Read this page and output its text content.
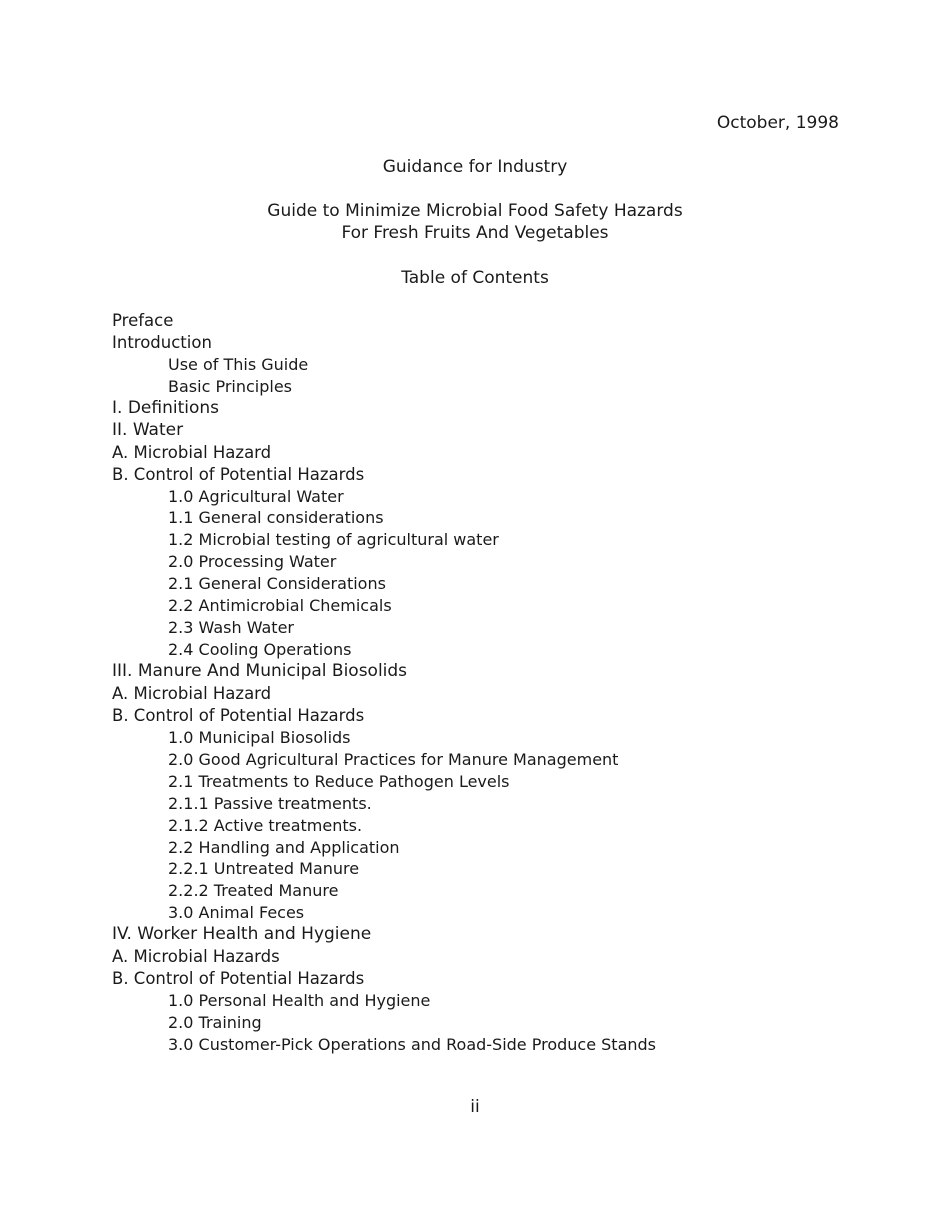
October, 1998
Guidance for Industry
Guide to Minimize Microbial Food Safety Hazards
For Fresh Fruits And Vegetables
Table of Contents
Preface
Introduction
Use of This Guide
Basic Principles
I. Definitions
II. Water
A. Microbial Hazard
B. Control of Potential Hazards
1.0 Agricultural Water
1.1 General considerations
1.2 Microbial testing of agricultural water
2.0 Processing Water
2.1 General Considerations
2.2 Antimicrobial Chemicals
2.3 Wash Water
2.4 Cooling Operations
III. Manure And Municipal Biosolids
A. Microbial Hazard
B. Control of Potential Hazards
1.0 Municipal Biosolids
2.0 Good Agricultural Practices for Manure Management
2.1 Treatments to Reduce Pathogen Levels
2.1.1 Passive treatments.
2.1.2 Active treatments.
2.2 Handling and Application
2.2.1 Untreated Manure
2.2.2 Treated Manure
3.0 Animal Feces
IV. Worker Health and Hygiene
A. Microbial Hazards
B. Control of Potential Hazards
1.0 Personal Health and Hygiene
2.0 Training
3.0 Customer-Pick Operations and Road-Side Produce Stands
ii
